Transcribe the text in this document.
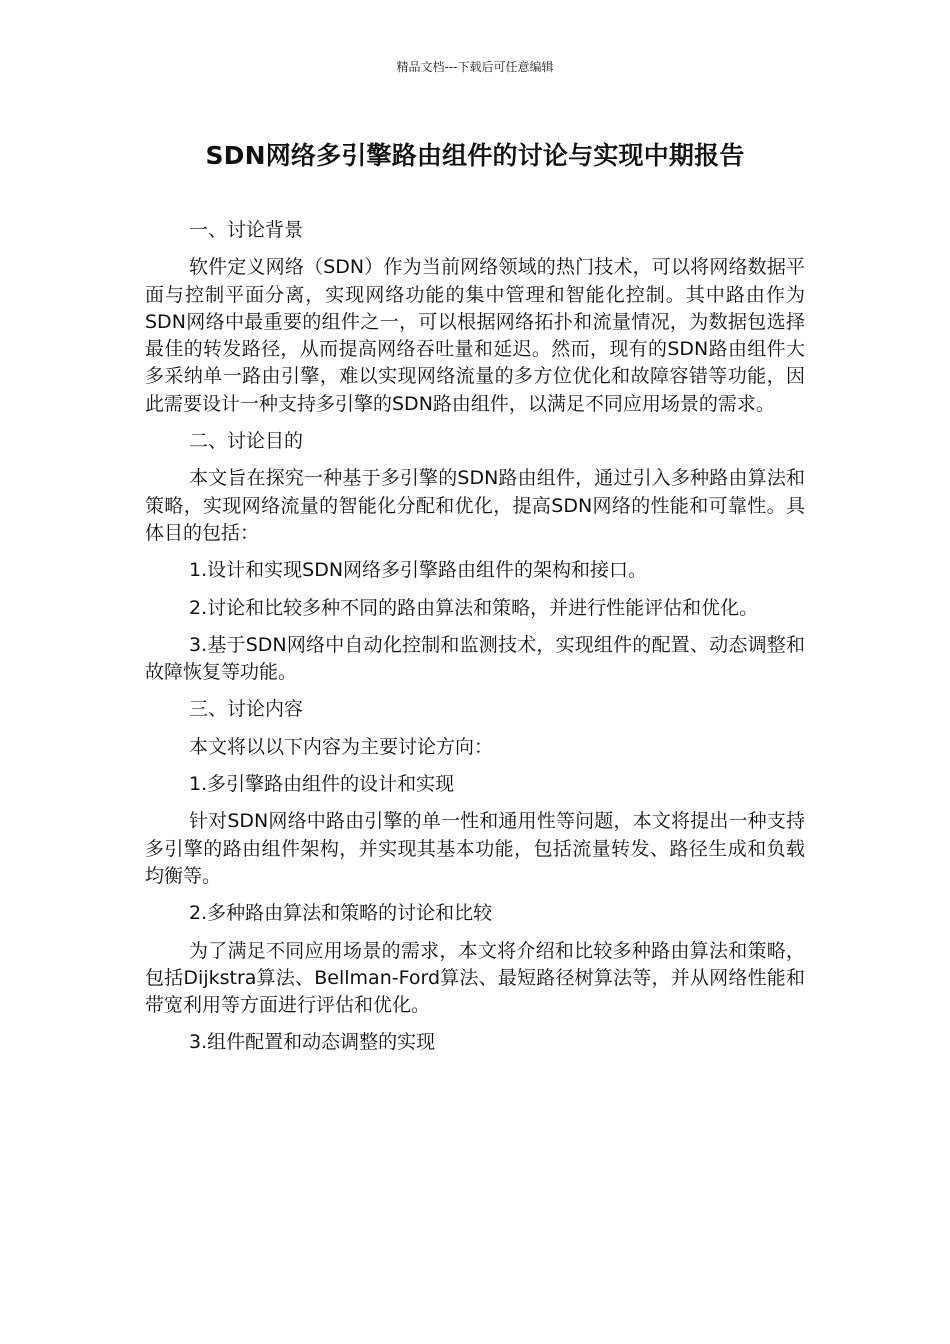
精品文档---下载后可任意编辑
SDN网络多引擎路由组件的讨论与实现中期报告

一、讨论背景

软件定义网络（SDN）作为当前网络领域的热门技术，可以将网络数据平面与控制平面分离，实现网络功能的集中管理和智能化控制。其中路由作为SDN网络中最重要的组件之一，可以根据网络拓扑和流量情况，为数据包选择最佳的转发路径，从而提高网络吞吐量和延迟。然而，现有的SDN路由组件大多采纳单一路由引擎，难以实现网络流量的多方位优化和故障容错等功能，因此需要设计一种支持多引擎的SDN路由组件，以满足不同应用场景的需求。

二、讨论目的

本文旨在探究一种基于多引擎的SDN路由组件，通过引入多种路由算法和策略，实现网络流量的智能化分配和优化，提高SDN网络的性能和可靠性。具体目的包括：

1.设计和实现SDN网络多引擎路由组件的架构和接口。

2.讨论和比较多种不同的路由算法和策略，并进行性能评估和优化。

3.基于SDN网络中自动化控制和监测技术，实现组件的配置、动态调整和故障恢复等功能。

三、讨论内容

本文将以以下内容为主要讨论方向：

1.多引擎路由组件的设计和实现

针对SDN网络中路由引擎的单一性和通用性等问题，本文将提出一种支持多引擎的路由组件架构，并实现其基本功能，包括流量转发、路径生成和负载均衡等。

2.多种路由算法和策略的讨论和比较

为了满足不同应用场景的需求，本文将介绍和比较多种路由算法和策略，包括Dijkstra算法、Bellman-Ford算法、最短路径树算法等，并从网络性能和带宽利用等方面进行评估和优化。

3.组件配置和动态调整的实现
